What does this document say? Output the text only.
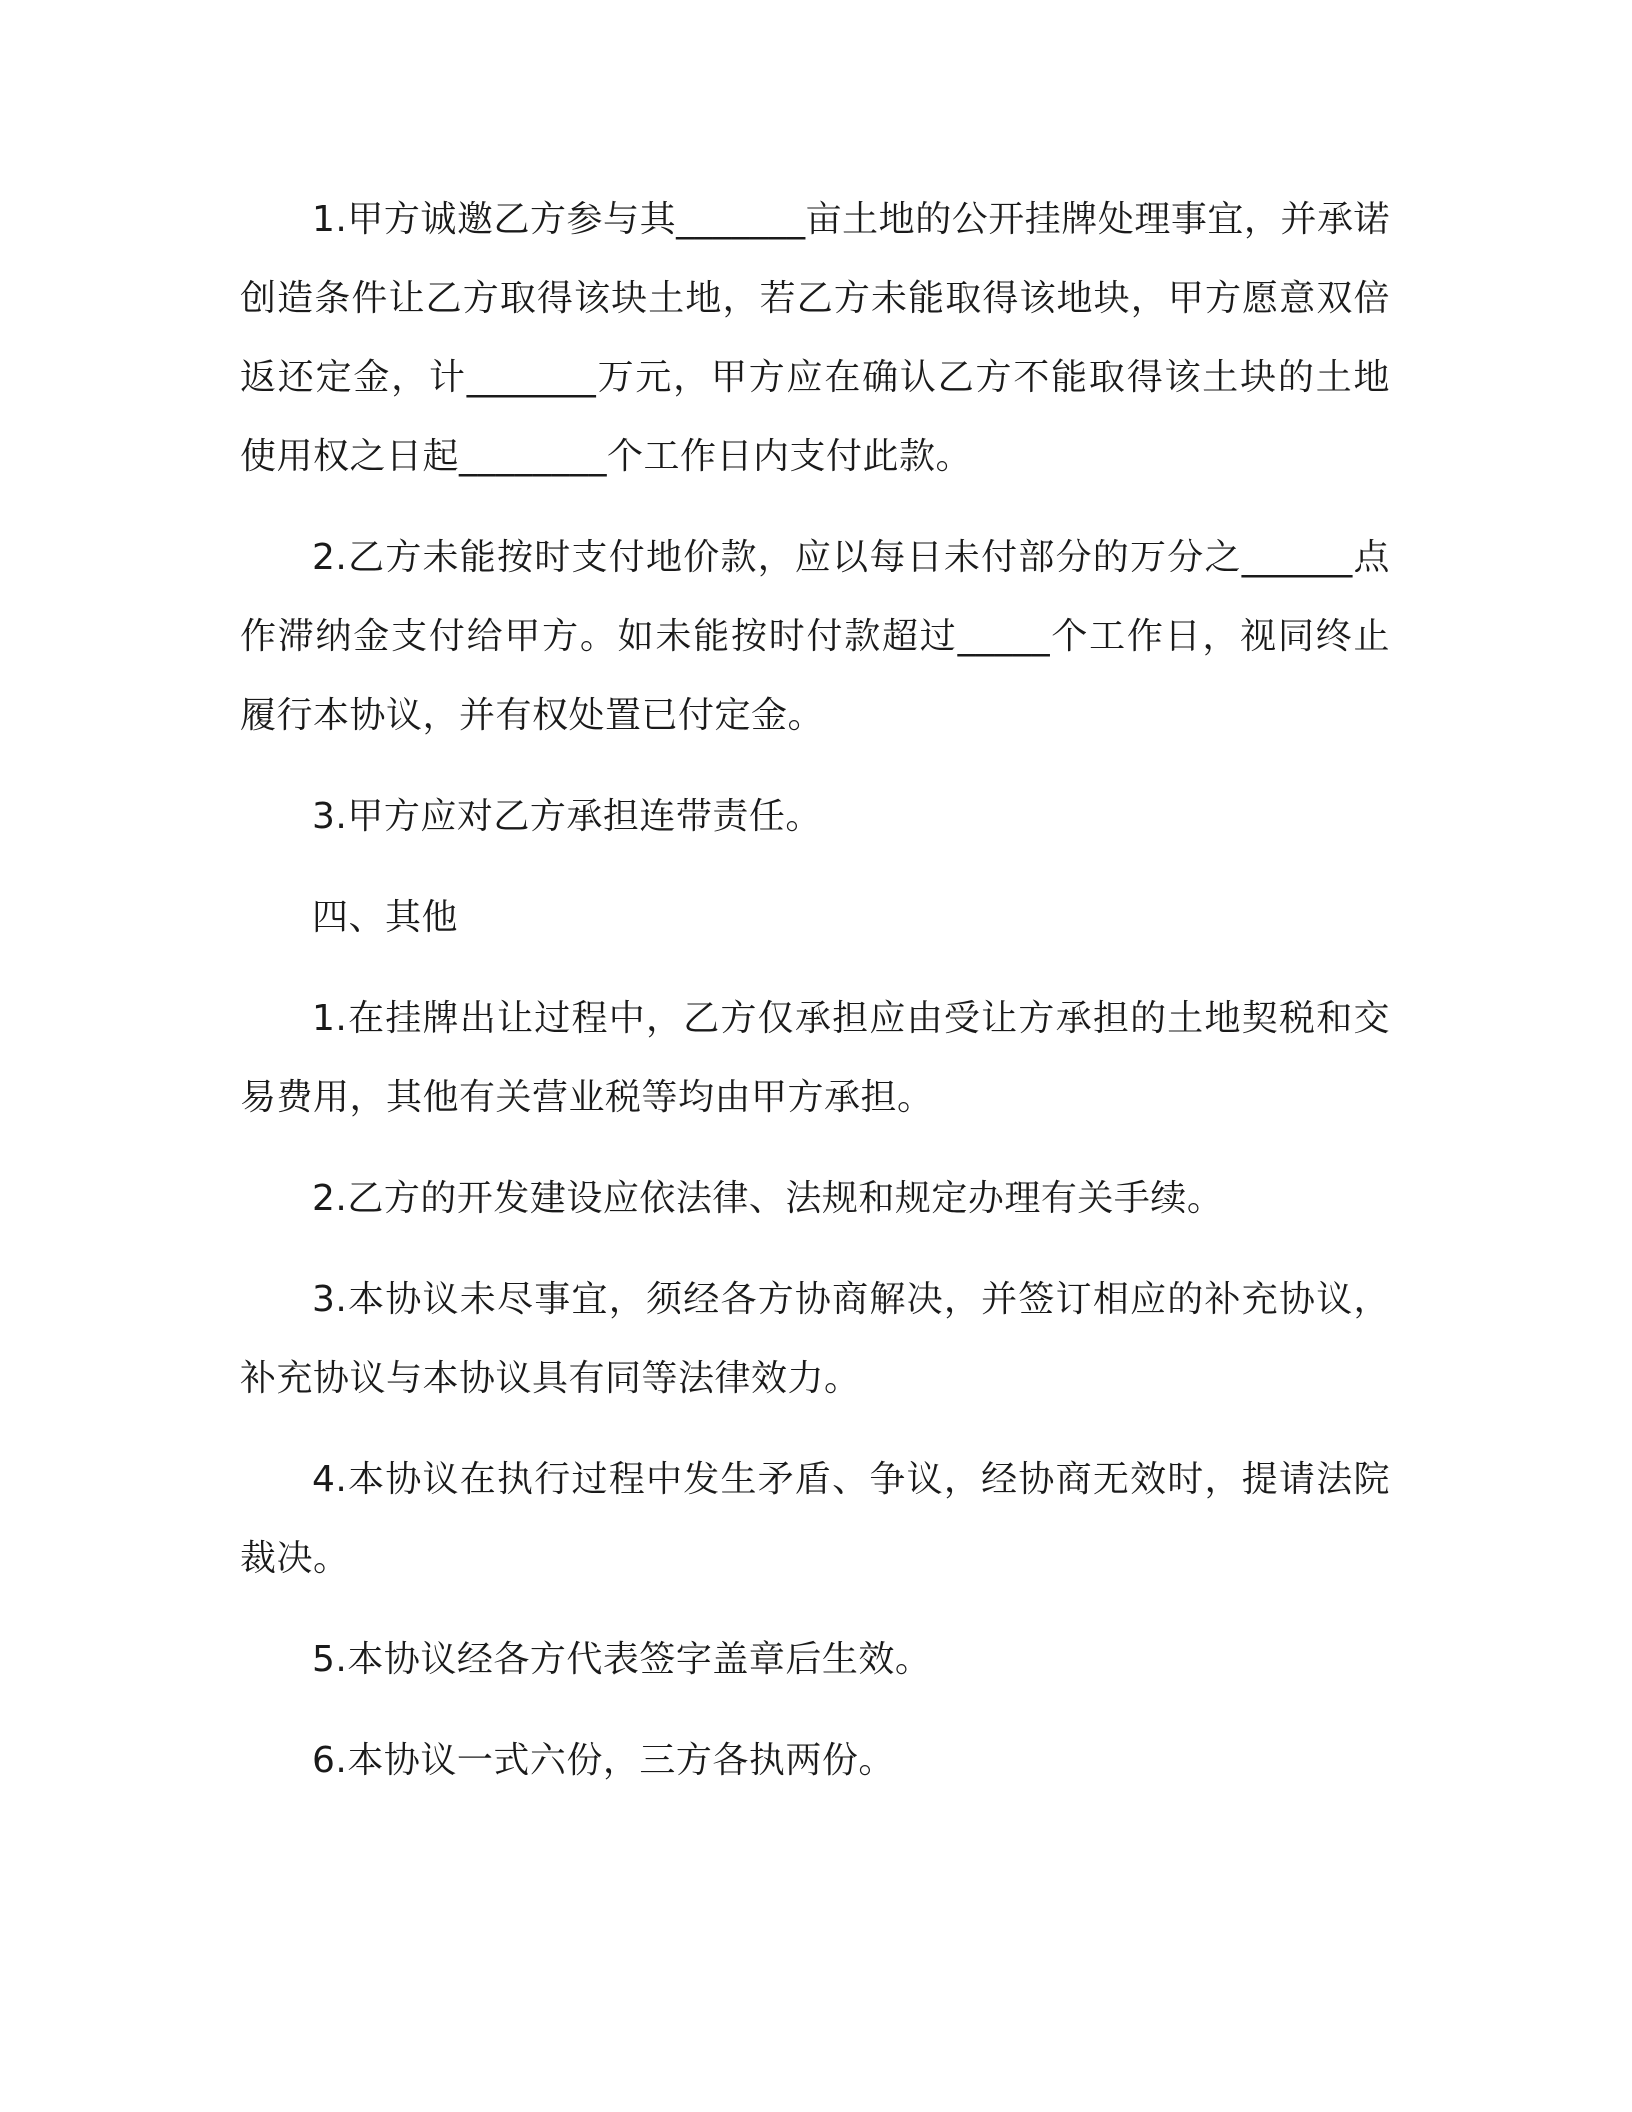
1.甲方诚邀乙方参与其_______亩土地的公开挂牌处理事宜，并承诺创造条件让乙方取得该块土地，若乙方未能取得该地块，甲方愿意双倍返还定金，计_______万元，甲方应在确认乙方不能取得该土块的土地使用权之日起________个工作日内支付此款。

2.乙方未能按时支付地价款，应以每日未付部分的万分之______点作滞纳金支付给甲方。如未能按时付款超过_____个工作日，视同终止履行本协议，并有权处置已付定金。

3.甲方应对乙方承担连带责任。

四、其他

1.在挂牌出让过程中，乙方仅承担应由受让方承担的土地契税和交易费用，其他有关营业税等均由甲方承担。

2.乙方的开发建设应依法律、法规和规定办理有关手续。

3.本协议未尽事宜，须经各方协商解决，并签订相应的补充协议，补充协议与本协议具有同等法律效力。

4.本协议在执行过程中发生矛盾、争议，经协商无效时，提请法院裁决。

5.本协议经各方代表签字盖章后生效。

6.本协议一式六份，三方各执两份。
